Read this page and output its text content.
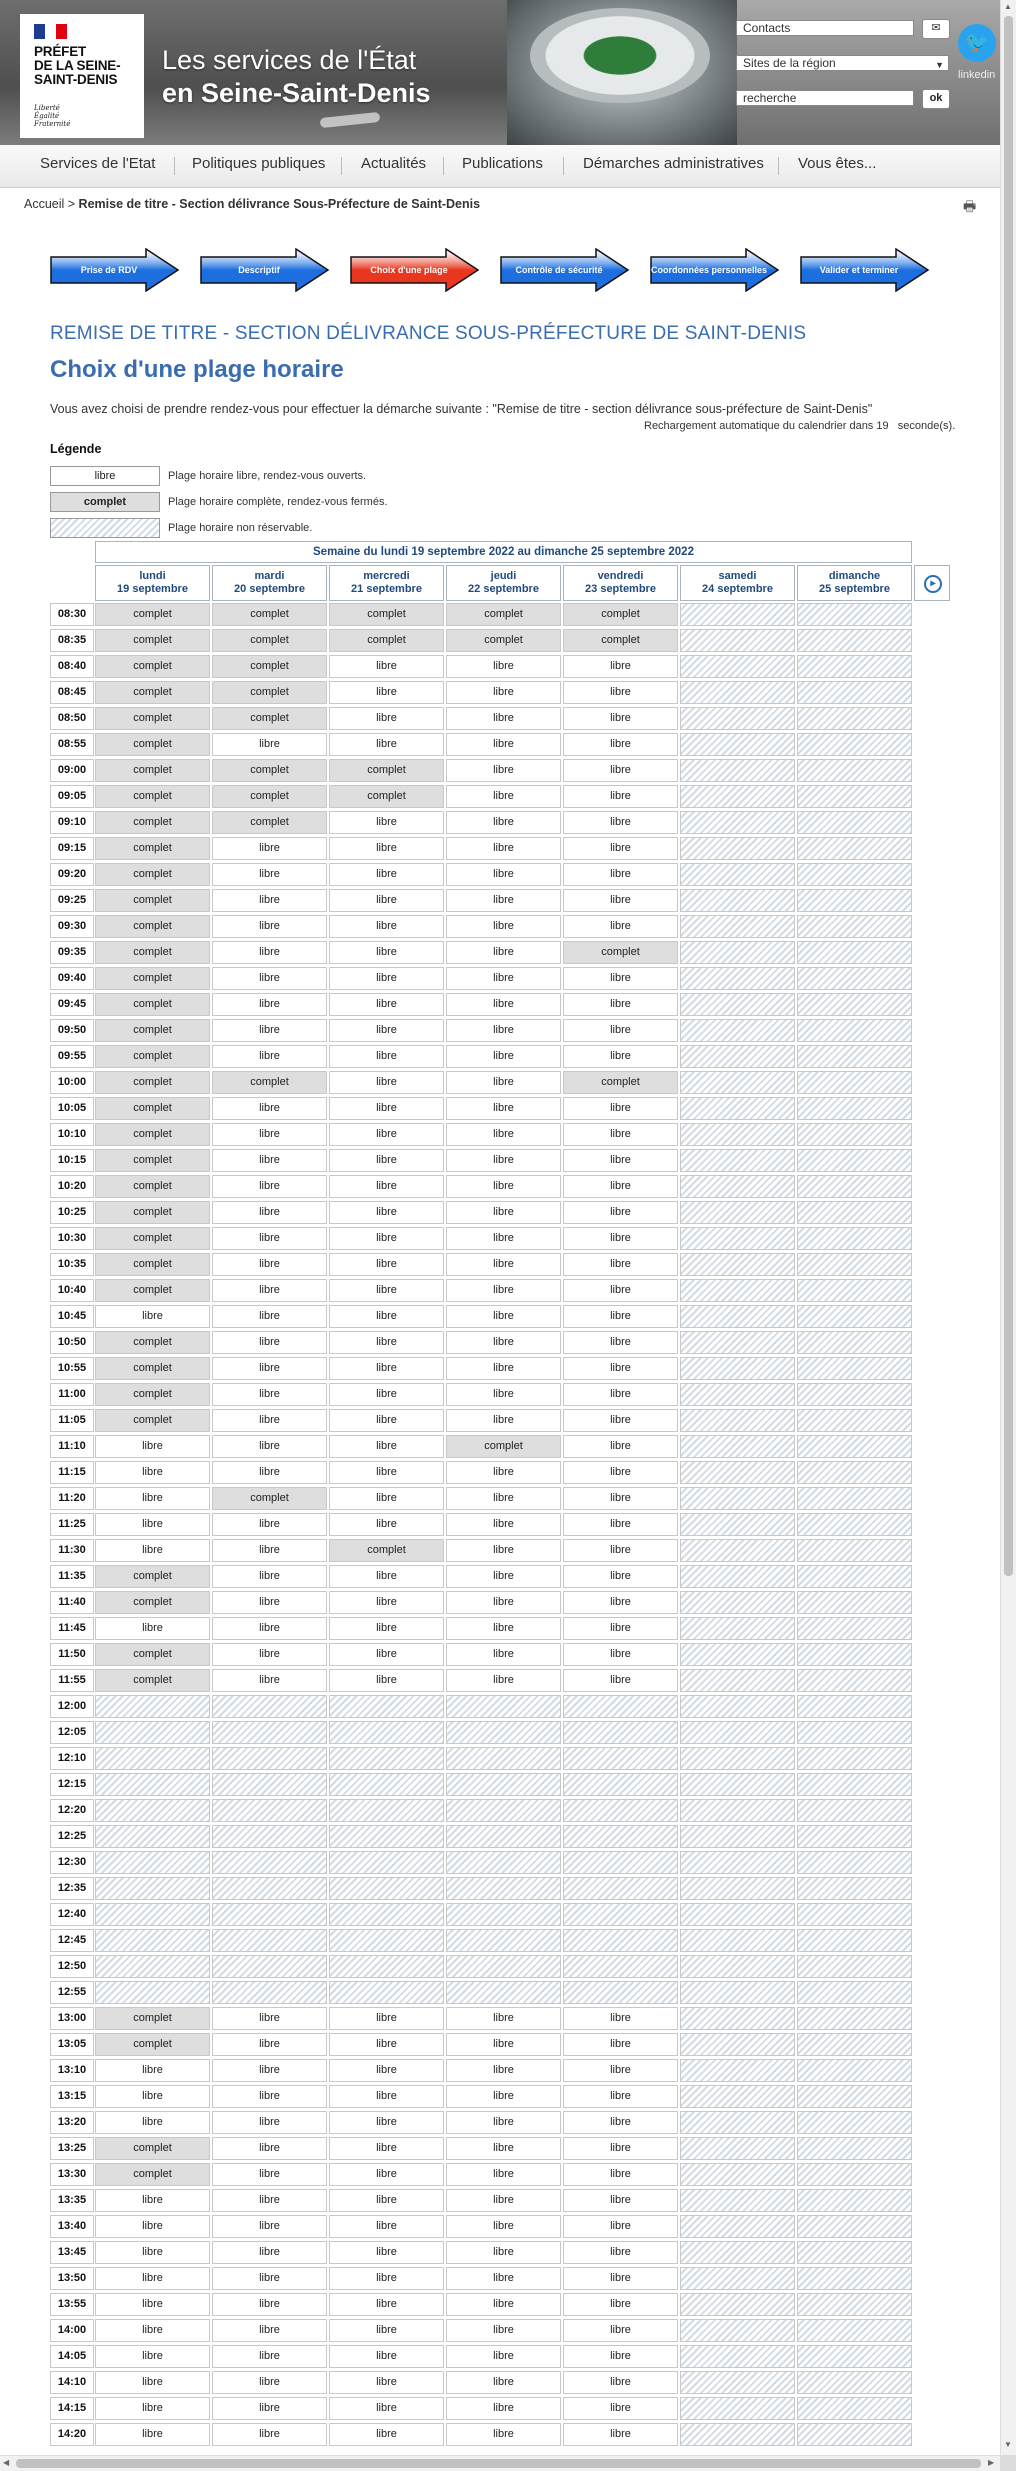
PRÉFET
DE LA SEINE-
SAINT-DENIS
Liberté
Égalité
Fraternité
Les services de l'État
en Seine-Saint-Denis
Contacts	✉
Sites de la région	▼
recherche	ok
🐦
linkedin
Services de l'Etat Politiques publiques Actualités Publications	Démarches administratives Vous êtes...
Accueil > Remise de titre - Section délivrance Sous-Préfecture de Saint-Denis	🖶
Prise de RDV	Descriptif	Choix d'une plage	Contrôle de sécurité	Coordonnées personnelles	Valider et terminer
REMISE DE TITRE - SECTION DÉLIVRANCE SOUS-PRÉFECTURE DE SAINT-DENIS
Choix d'une plage horaire
Vous avez choisi de prendre rendez-vous pour effectuer la démarche suivante : "Remise de titre - section délivrance sous-préfecture de Saint-Denis"
Rechargement automatique du calendrier dans 19 seconde(s).
Légende
libre	Plage horaire libre, rendez-vous ouverts.
complet	Plage horaire complète, rendez-vous fermés.
Plage horaire non réservable.
Semaine du lundi 19 septembre 2022 au dimanche 25 septembre 2022
lundi
19 septembre
mardi
20 septembre
mercredi
21 septembre
jeudi
22 septembre
vendredi
23 septembre
samedi
24 septembre
dimanche
25 septembre	▸
08:30	complet	complet	complet	complet	complet
08:35	complet	complet	complet	complet	complet
08:40	complet	complet	libre	libre	libre
08:45	complet	complet	libre	libre	libre
08:50	complet	complet	libre	libre	libre
08:55	complet	libre	libre	libre	libre
09:00	complet	complet	complet	libre	libre
09:05	complet	complet	complet	libre	libre
09:10	complet	complet	libre	libre	libre
09:15	complet	libre	libre	libre	libre
09:20	complet	libre	libre	libre	libre
09:25	complet	libre	libre	libre	libre
09:30	complet	libre	libre	libre	libre
09:35	complet	libre	libre	libre	complet
09:40	complet	libre	libre	libre	libre
09:45	complet	libre	libre	libre	libre
09:50	complet	libre	libre	libre	libre
09:55	complet	libre	libre	libre	libre
10:00	complet	complet	libre	libre	complet
10:05	complet	libre	libre	libre	libre
10:10	complet	libre	libre	libre	libre
10:15	complet	libre	libre	libre	libre
10:20	complet	libre	libre	libre	libre
10:25	complet	libre	libre	libre	libre
10:30	complet	libre	libre	libre	libre
10:35	complet	libre	libre	libre	libre
10:40	complet	libre	libre	libre	libre
10:45	libre	libre	libre	libre	libre
10:50	complet	libre	libre	libre	libre
10:55	complet	libre	libre	libre	libre
11:00	complet	libre	libre	libre	libre
11:05	complet	libre	libre	libre	libre
11:10	libre	libre	libre	complet	libre
11:15	libre	libre	libre	libre	libre
11:20	libre	complet	libre	libre	libre
11:25	libre	libre	libre	libre	libre
11:30	libre	libre	complet	libre	libre
11:35	complet	libre	libre	libre	libre
11:40	complet	libre	libre	libre	libre
11:45	libre	libre	libre	libre	libre
11:50	complet	libre	libre	libre	libre
11:55	complet	libre	libre	libre	libre
12:00
12:05
12:10
12:15
12:20
12:25
12:30
12:35
12:40
12:45
12:50
12:55
13:00	complet	libre	libre	libre	libre
13:05	complet	libre	libre	libre	libre
13:10	libre	libre	libre	libre	libre
13:15	libre	libre	libre	libre	libre
13:20	libre	libre	libre	libre	libre
13:25	complet	libre	libre	libre	libre
13:30	complet	libre	libre	libre	libre
13:35	libre	libre	libre	libre	libre
13:40	libre	libre	libre	libre	libre
13:45	libre	libre	libre	libre	libre
13:50	libre	libre	libre	libre	libre
13:55	libre	libre	libre	libre	libre
14:00	libre	libre	libre	libre	libre
14:05	libre	libre	libre	libre	libre
14:10	libre	libre	libre	libre	libre
14:15	libre	libre	libre	libre	libre
14:20	libre	libre	libre	libre	libre
▲
▼
◀	▶
